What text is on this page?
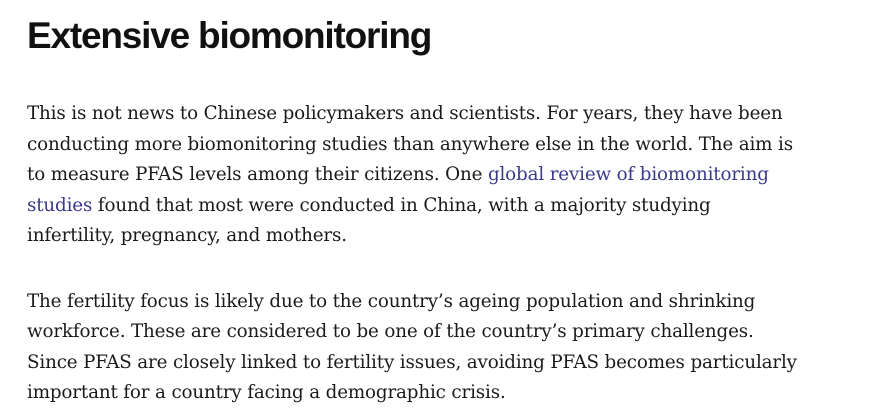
Extensive biomonitoring

This is not news to Chinese policymakers and scientists. For years, they have been
conducting more biomonitoring studies than anywhere else in the world. The aim is
to measure PFAS levels among their citizens. One global review of biomonitoring
studies found that most were conducted in China, with a majority studying
infertility, pregnancy, and mothers.

The fertility focus is likely due to the country’s ageing population and shrinking
workforce. These are considered to be one of the country’s primary challenges.
Since PFAS are closely linked to fertility issues, avoiding PFAS becomes particularly
important for a country facing a demographic crisis.
